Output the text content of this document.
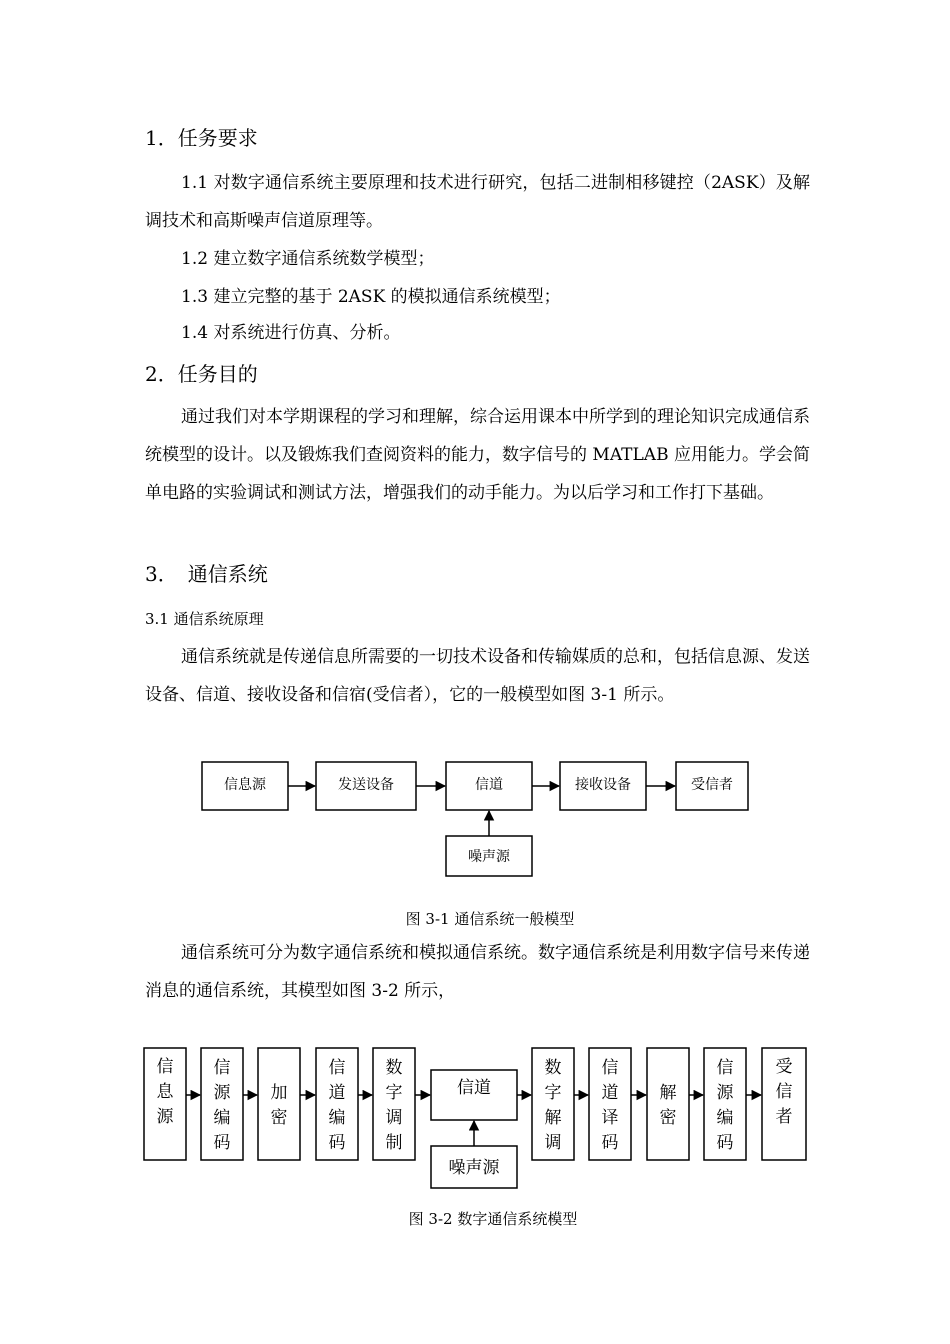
1．任务要求
1.1 对数字通信系统主要原理和技术进行研究，包括二进制相移键控（2ASK）及解调技术和高斯噪声信道原理等。
1.2 建立数字通信系统数学模型；
1.3 建立完整的基于 2ASK 的模拟通信系统模型；
1.4 对系统进行仿真、分析。
2．任务目的
通过我们对本学期课程的学习和理解，综合运用课本中所学到的理论知识完成通信系统模型的设计。以及锻炼我们查阅资料的能力，数字信号的 MATLAB 应用能力。学会简单电路的实验调试和测试方法，增强我们的动手能力。为以后学习和工作打下基础。
3．　通信系统
3.1 通信系统原理
通信系统就是传递信息所需要的一切技术设备和传输媒质的总和，包括信息源、发送设备、信道、接收设备和信宿(受信者），它的一般模型如图 3-1 所示。
信息源	发送设备	信道	接收设备	受信者
噪声源
图 3-1 通信系统一般模型
通信系统可分为数字通信系统和模拟通信系统。数字通信系统是利用数字信号来传递消息的通信系统，其模型如图 3-2 所示，
信息源
信源编码
加密
信道编码
数字调制
信道
数字解调
信道译码
解密
信源编码
受信者
噪声源
图 3-2 数字通信系统模型
